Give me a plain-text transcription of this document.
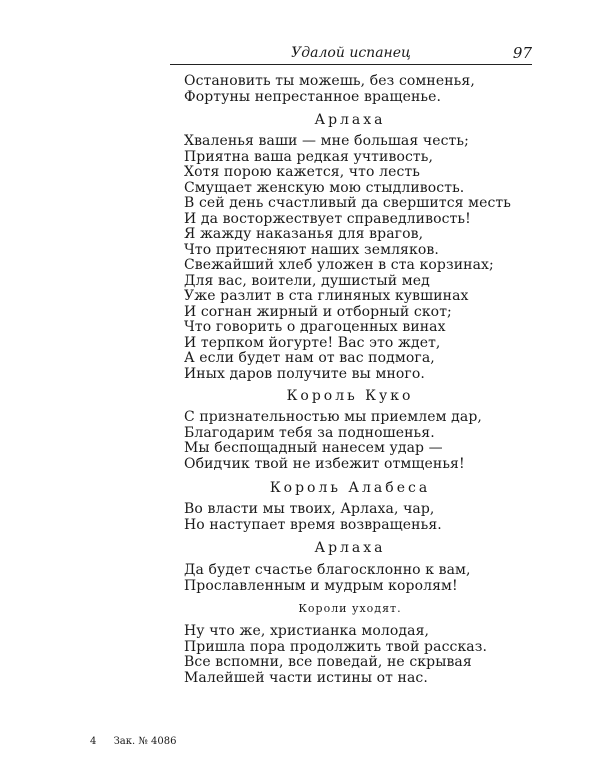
Удалой испанец	97
Остановить ты можешь, без сомненья,
Фортуны непрестанное вращенье.
Арлаха
Хваленья ваши — мне большая честь;
Приятна ваша редкая учтивость,
Хотя порою кажется, что лесть
Смущает женскую мою стыдливость.
В сей день счастливый да свершится месть
И да восторжествует справедливость!
Я жажду наказанья для врагов,
Что притесняют наших земляков.
Свежайший хлеб уложен в ста корзинах;
Для вас, воители, душистый мед
Уже разлит в ста глиняных кувшинах
И согнан жирный и отборный скот;
Что говорить о драгоценных винах
И терпком йогурте! Вас это ждет,
А если будет нам от вас подмога,
Иных даров получите вы много.
Король Куко
С признательностью мы приемлем дар,
Благодарим тебя за подношенья.
Мы беспощадный нанесем удар —
Обидчик твой не избежит отмщенья!
Король Алабеса
Во власти мы твоих, Арлаха, чар,
Но наступает время возвращенья.
Арлаха
Да будет счастье благосклонно к вам,
Прославленным и мудрым королям!
Короли уходят.
Ну что же, христианка молодая,
Пришла пора продолжить твой рассказ.
Все вспомни, все поведай, не скрывая
Малейшей части истины от нас.
4 Зак. № 4086
